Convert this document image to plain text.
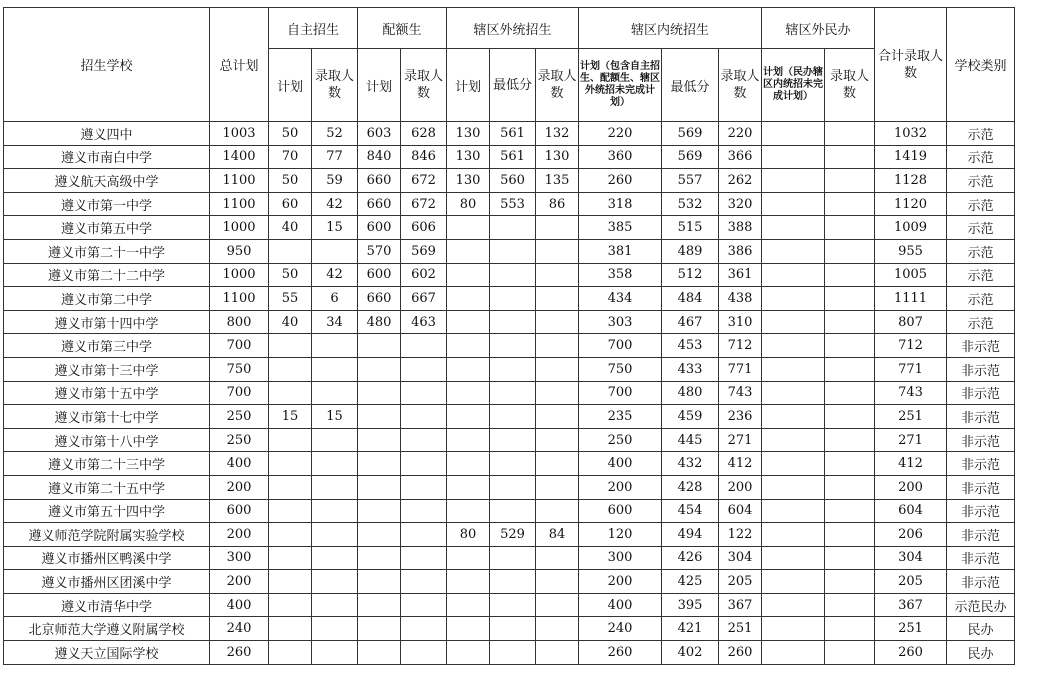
招生学校	总计划	自主招生		配额生		辖区外统招生			辖区内统招生			辖区外民办		合计录取人数	学校类别
		计划	录取人数	计划	录取人数	计划	最低分	录取人数	计划（包含自主招生、配额生、辖区外统招未完成计划）	最低分	录取人数	计划（民办辖区内统招未完成计划）	录取人数		
遵义四中	1003	50	52	603	628	130	561	132	220	569	220			1032	示范
遵义市南白中学	1400	70	77	840	846	130	561	130	360	569	366			1419	示范
遵义航天高级中学	1100	50	59	660	672	130	560	135	260	557	262			1128	示范
遵义市第一中学	1100	60	42	660	672	80	553	86	318	532	320			1120	示范
遵义市第五中学	1000	40	15	600	606				385	515	388			1009	示范
遵义市第二十一中学	950			570	569				381	489	386			955	示范
遵义市第二十二中学	1000	50	42	600	602				358	512	361			1005	示范
遵义市第二中学	1100	55	6	660	667				434	484	438			1111	示范
遵义市第十四中学	800	40	34	480	463				303	467	310			807	示范
遵义市第三中学	700								700	453	712			712	非示范
遵义市第十三中学	750								750	433	771			771	非示范
遵义市第十五中学	700								700	480	743			743	非示范
遵义市第十七中学	250	15	15						235	459	236			251	非示范
遵义市第十八中学	250								250	445	271			271	非示范
遵义市第二十三中学	400								400	432	412			412	非示范
遵义市第二十五中学	200								200	428	200			200	非示范
遵义市第五十四中学	600								600	454	604			604	非示范
遵义师范学院附属实验学校	200					80	529	84	120	494	122			206	非示范
遵义市播州区鸭溪中学	300								300	426	304			304	非示范
遵义市播州区团溪中学	200								200	425	205			205	非示范
遵义市清华中学	400								400	395	367			367	示范民办
北京师范大学遵义附属学校	240								240	421	251			251	民办
遵义天立国际学校	260								260	402	260			260	民办
